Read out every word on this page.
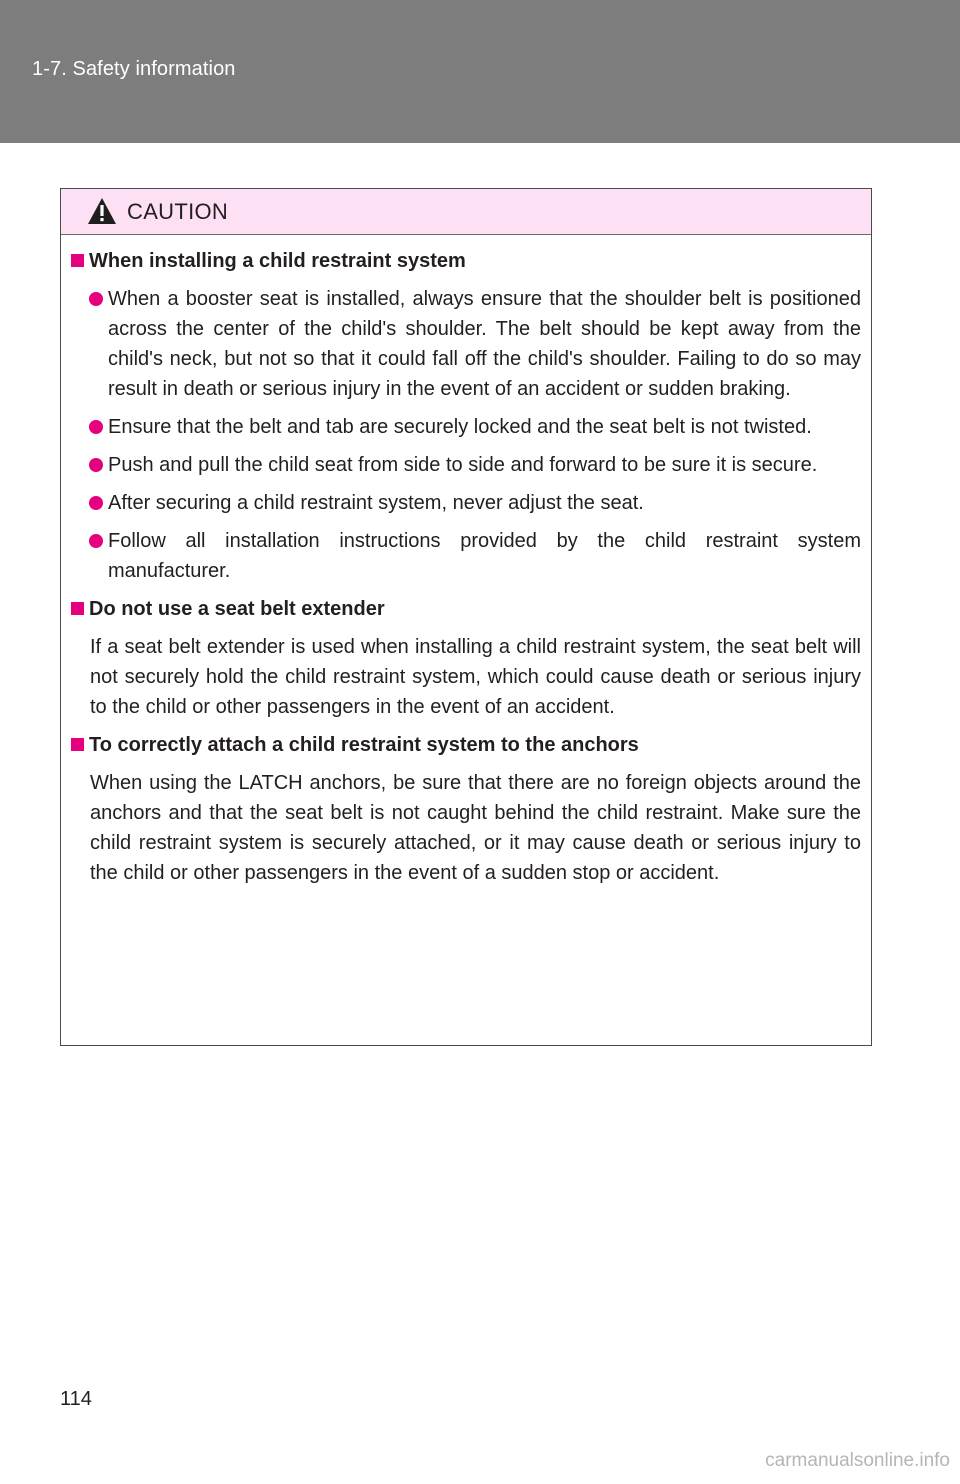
1-7. Safety information
CAUTION
When installing a child restraint system
When a booster seat is installed, always ensure that the shoulder belt is positioned across the center of the child's shoulder. The belt should be kept away from the child's neck, but not so that it could fall off the child's shoulder. Failing to do so may result in death or serious injury in the event of an accident or sudden braking.
Ensure that the belt and tab are securely locked and the seat belt is not twisted.
Push and pull the child seat from side to side and forward to be sure it is secure.
After securing a child restraint system, never adjust the seat.
Follow all installation instructions provided by the child restraint system manufacturer.
Do not use a seat belt extender
If a seat belt extender is used when installing a child restraint system, the seat belt will not securely hold the child restraint system, which could cause death or serious injury to the child or other passengers in the event of an accident.
To correctly attach a child restraint system to the anchors
When using the LATCH anchors, be sure that there are no foreign objects around the anchors and that the seat belt is not caught behind the child restraint. Make sure the child restraint system is securely attached, or it may cause death or serious injury to the child or other passengers in the event of a sudden stop or accident.
114
carmanualsonline.info
